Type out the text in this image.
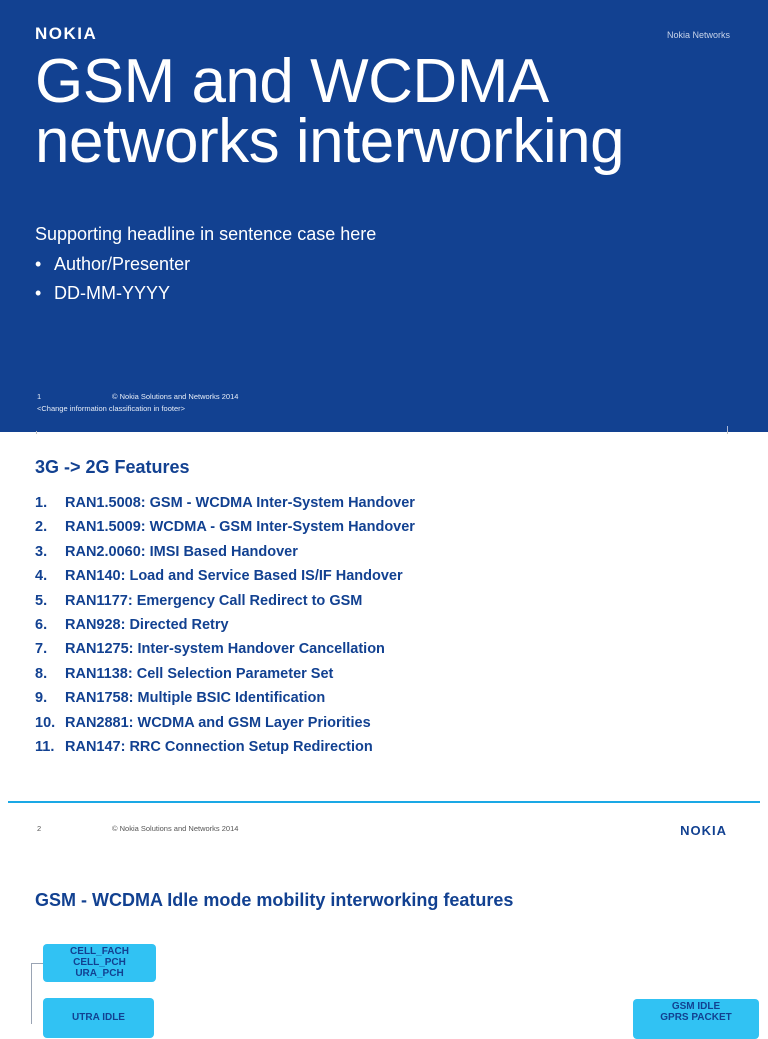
NOKIA	Nokia Networks
GSM and WCDMA
networks interworking
Supporting headline in sentence case here
• Author/Presenter
• DD-MM-YYYY
1	© Nokia Solutions and Networks 2014
<Change information classification in footer>
3G -> 2G Features
1. RAN1.5008: GSM - WCDMA Inter-System Handover
2. RAN1.5009: WCDMA - GSM Inter-System Handover
3. RAN2.0060: IMSI Based Handover
4. RAN140: Load and Service Based IS/IF Handover
5. RAN1177: Emergency Call Redirect to GSM
6. RAN928: Directed Retry
7. RAN1275: Inter-system Handover Cancellation
8. RAN1138: Cell Selection Parameter Set
9. RAN1758: Multiple BSIC Identification
10. RAN2881: WCDMA and GSM Layer Priorities
11. RAN147: RRC Connection Setup Redirection
2	© Nokia Solutions and Networks 2014	NOKIA
GSM - WCDMA Idle mode mobility interworking features
CELL_FACH
CELL_PCH
URA_PCH
UTRA IDLE
GSM IDLE
GPRS PACKET
